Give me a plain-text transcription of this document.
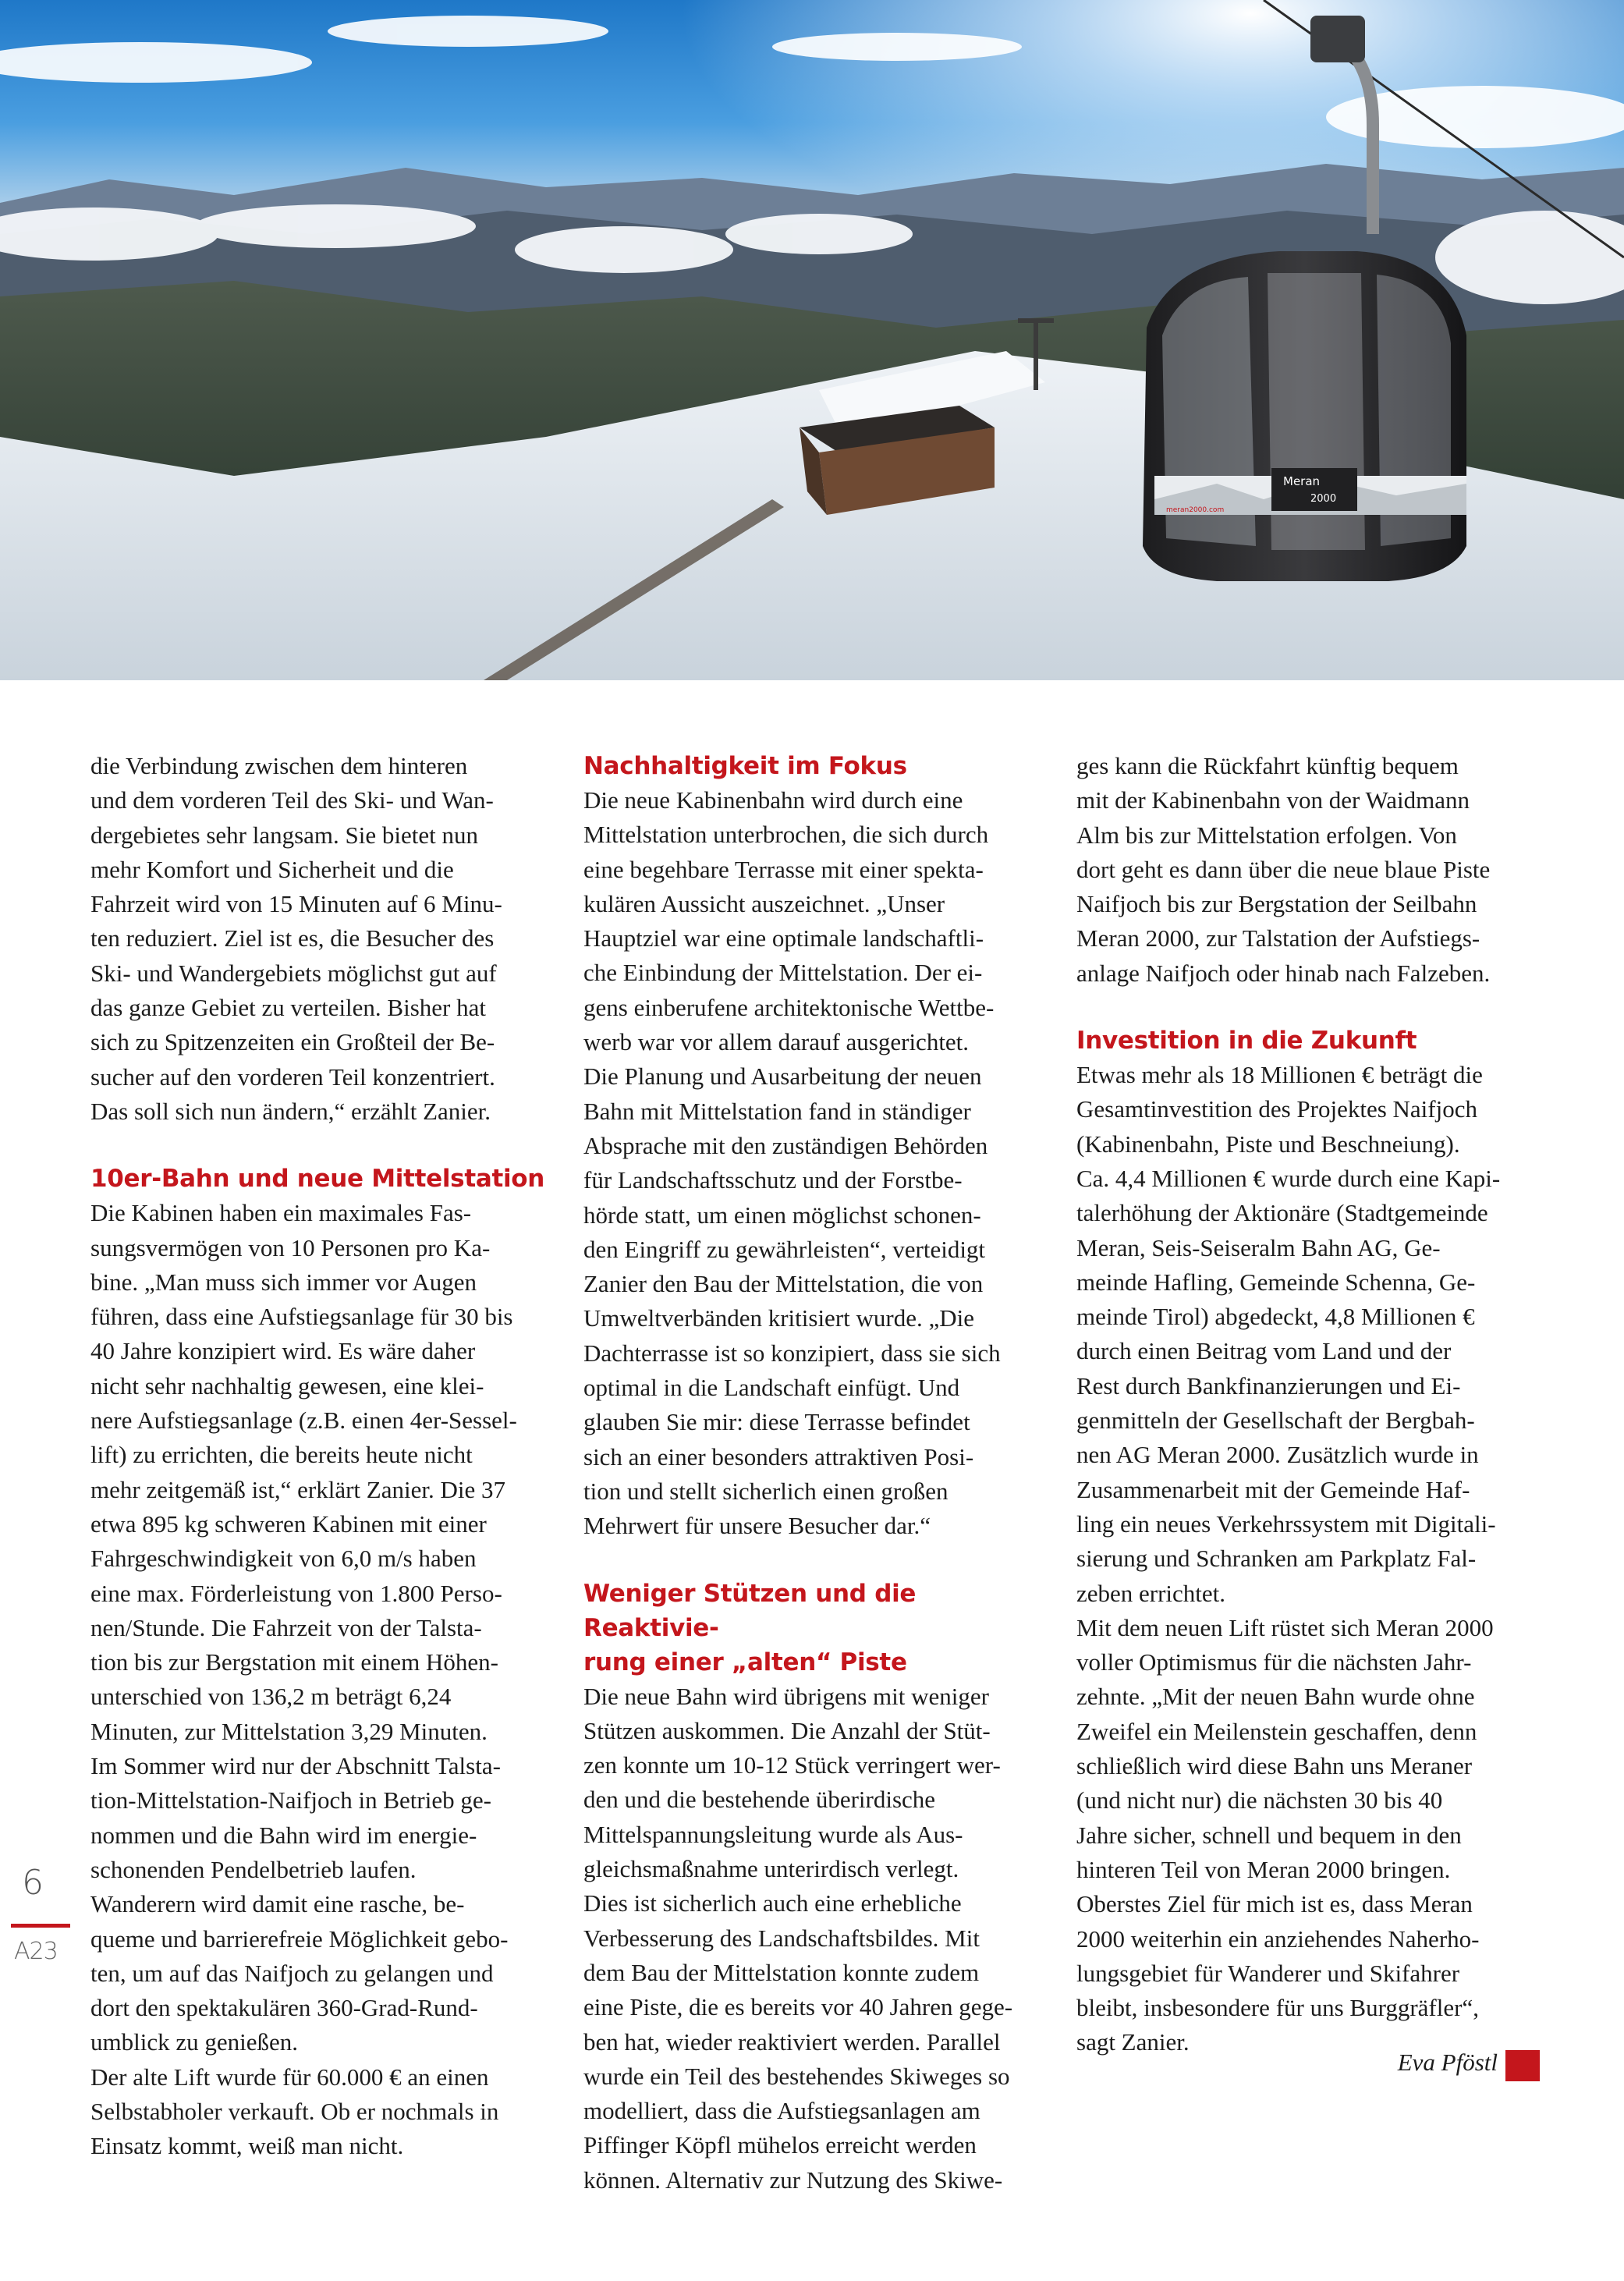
Meran
2000
meran2000.com
6
A23

die Verbindung zwischen dem hinteren

und dem vorderen Teil des Ski- und Wan-

dergebietes sehr langsam. Sie bietet nun

mehr Komfort und Sicherheit und die

Fahrzeit wird von 15 Minuten auf 6 Minu-

ten reduziert. Ziel ist es, die Besucher des

Ski- und Wandergebiets möglichst gut auf

das ganze Gebiet zu verteilen. Bisher hat

sich zu Spitzenzeiten ein Großteil der Be-

sucher auf den vorderen Teil konzentriert.

Das soll sich nun ändern,“ erzählt Zanier.

10er-Bahn und neue Mittelstation

Die Kabinen haben ein maximales Fas-

sungsvermögen von 10 Personen pro Ka-

bine. „Man muss sich immer vor Augen

führen, dass eine Aufstiegsanlage für 30 bis

40 Jahre konzipiert wird. Es wäre daher

nicht sehr nachhaltig gewesen, eine klei-

nere Aufstiegsanlage (z.B. einen 4er-Sessel-

lift) zu errichten, die bereits heute nicht

mehr zeitgemäß ist,“ erklärt Zanier. Die 37

etwa 895 kg schweren Kabinen mit einer

Fahrgeschwindigkeit von 6,0 m/s haben

eine max. Förderleistung von 1.800 Perso-

nen/Stunde. Die Fahrzeit von der Talsta-

tion bis zur Bergstation mit einem Höhen-

unterschied von 136,2 m beträgt 6,24

Minuten, zur Mittelstation 3,29 Minuten.

Im Sommer wird nur der Abschnitt Talsta-

tion-Mittelstation-Naifjoch in Betrieb ge-

nommen und die Bahn wird im energie-

schonenden Pendelbetrieb laufen.

Wanderern wird damit eine rasche, be-

queme und barrierefreie Möglichkeit gebo-

ten, um auf das Naifjoch zu gelangen und

dort den spektakulären 360-Grad-Rund-

umblick zu genießen.

Der alte Lift wurde für 60.000 € an einen

Selbstabholer verkauft. Ob er nochmals in

Einsatz kommt, weiß man nicht.

Nachhaltigkeit im Fokus

Die neue Kabinenbahn wird durch eine

Mittelstation unterbrochen, die sich durch

eine begehbare Terrasse mit einer spekta-

kulären Aussicht auszeichnet. „Unser

Hauptziel war eine optimale landschaftli-

che Einbindung der Mittelstation. Der ei-

gens einberufene architektonische Wettbe-

werb war vor allem darauf ausgerichtet.

Die Planung und Ausarbeitung der neuen

Bahn mit Mittelstation fand in ständiger

Absprache mit den zuständigen Behörden

für Landschaftsschutz und der Forstbe-

hörde statt, um einen möglichst schonen-

den Eingriff zu gewährleisten“, verteidigt

Zanier den Bau der Mittelstation, die von

Umweltverbänden kritisiert wurde. „Die

Dachterrasse ist so konzipiert, dass sie sich

optimal in die Landschaft einfügt. Und

glauben Sie mir: diese Terrasse befindet

sich an einer besonders attraktiven Posi-

tion und stellt sicherlich einen großen

Mehrwert für unsere Besucher dar.“

Weniger Stützen und die Reaktivie-
rung einer „alten“ Piste

Die neue Bahn wird übrigens mit weniger

Stützen auskommen. Die Anzahl der Stüt-

zen konnte um 10-12 Stück verringert wer-

den und die bestehende überirdische

Mittelspannungsleitung wurde als Aus-

gleichsmaßnahme unterirdisch verlegt.

Dies ist sicherlich auch eine erhebliche

Verbesserung des Landschaftsbildes. Mit

dem Bau der Mittelstation konnte zudem

eine Piste, die es bereits vor 40 Jahren gege-

ben hat, wieder reaktiviert werden. Parallel

wurde ein Teil des bestehendes Skiweges so

modelliert, dass die Aufstiegsanlagen am

Piffinger Köpfl mühelos erreicht werden

können. Alternativ zur Nutzung des Skiwe-

ges kann die Rückfahrt künftig bequem

mit der Kabinenbahn von der Waidmann

Alm bis zur Mittelstation erfolgen. Von

dort geht es dann über die neue blaue Piste

Naifjoch bis zur Bergstation der Seilbahn

Meran 2000, zur Talstation der Aufstiegs-

anlage Naifjoch oder hinab nach Falzeben.

Investition in die Zukunft

Etwas mehr als 18 Millionen € beträgt die

Gesamtinvestition des Projektes Naifjoch

(Kabinenbahn, Piste und Beschneiung).

Ca. 4,4 Millionen € wurde durch eine Kapi-

talerhöhung der Aktionäre (Stadtgemeinde

Meran, Seis-Seiseralm Bahn AG, Ge-

meinde Hafling, Gemeinde Schenna, Ge-

meinde Tirol) abgedeckt, 4,8 Millionen €

durch einen Beitrag vom Land und der

Rest durch Bankfinanzierungen und Ei-

genmitteln der Gesellschaft der Bergbah-

nen AG Meran 2000. Zusätzlich wurde in

Zusammenarbeit mit der Gemeinde Haf-

ling ein neues Verkehrssystem mit Digitali-

sierung und Schranken am Parkplatz Fal-

zeben errichtet.

Mit dem neuen Lift rüstet sich Meran 2000

voller Optimismus für die nächsten Jahr-

zehnte. „Mit der neuen Bahn wurde ohne

Zweifel ein Meilenstein geschaffen, denn

schließlich wird diese Bahn uns Meraner

(und nicht nur) die nächsten 30 bis 40

Jahre sicher, schnell und bequem in den

hinteren Teil von Meran 2000 bringen.

Oberstes Ziel für mich ist es, dass Meran

2000 weiterhin ein anziehendes Naherho-

lungsgebiet für Wanderer und Skifahrer

bleibt, insbesondere für uns Burggräfler“,

sagt Zanier.

Eva Pföstl
